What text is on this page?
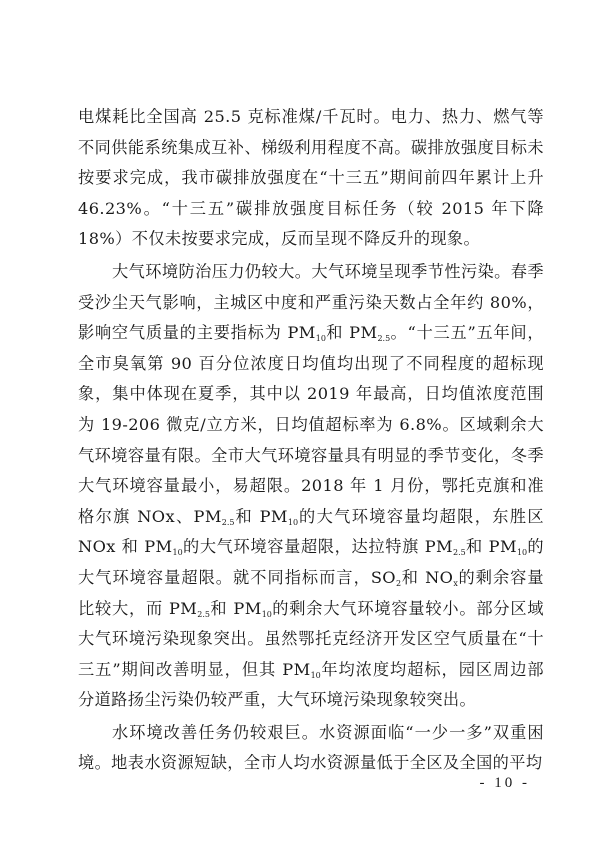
电煤耗比全国高 25.5 克标准煤/千瓦时。电力、热力、燃气等不同供能系统集成互补、梯级利用程度不高。碳排放强度目标未按要求完成，我市碳排放强度在“十三五”期间前四年累计上升 46.23%。“十三五”碳排放强度目标任务（较 2015 年下降 18%）不仅未按要求完成，反而呈现不降反升的现象。

大气环境防治压力仍较大。大气环境呈现季节性污染。春季受沙尘天气影响，主城区中度和严重污染天数占全年约 80%，影响空气质量的主要指标为 $PM_{10}$和 $PM_{2.5}$。“十三五”五年间，全市臭氧第 90 百分位浓度日均值均出现了不同程度的超标现象，集中体现在夏季，其中以 2019 年最高，日均值浓度范围为 19-206 微克/立方米，日均值超标率为 6.8%。区域剩余大气环境容量有限。全市大气环境容量具有明显的季节变化，冬季大气环境容量最小，易超限。2018 年 1 月份，鄂托克旗和准格尔旗 NOx、$PM_{2.5}$和 $PM_{10}$的大气环境容量均超限，东胜区 NOx 和 $PM_{10}$的大气环境容量超限，达拉特旗 $PM_{2.5}$和 $PM_{10}$的大气环境容量超限。就不同指标而言，$SO_2$和 $NO_x$的剩余容量比较大，而 $PM_{2.5}$和 $PM_{10}$的剩余大气环境容量较小。部分区域大气环境污染现象突出。虽然鄂托克经济开发区空气质量在“十三五”期间改善明显，但其 $PM_{10}$年均浓度均超标，园区周边部分道路扬尘污染仍较严重，大气环境污染现象较突出。

水环境改善任务仍较艰巨。水资源面临“一少一多”双重困境。地表水资源短缺，全市人均水资源量低于全区及全国的平均

- 10 -
